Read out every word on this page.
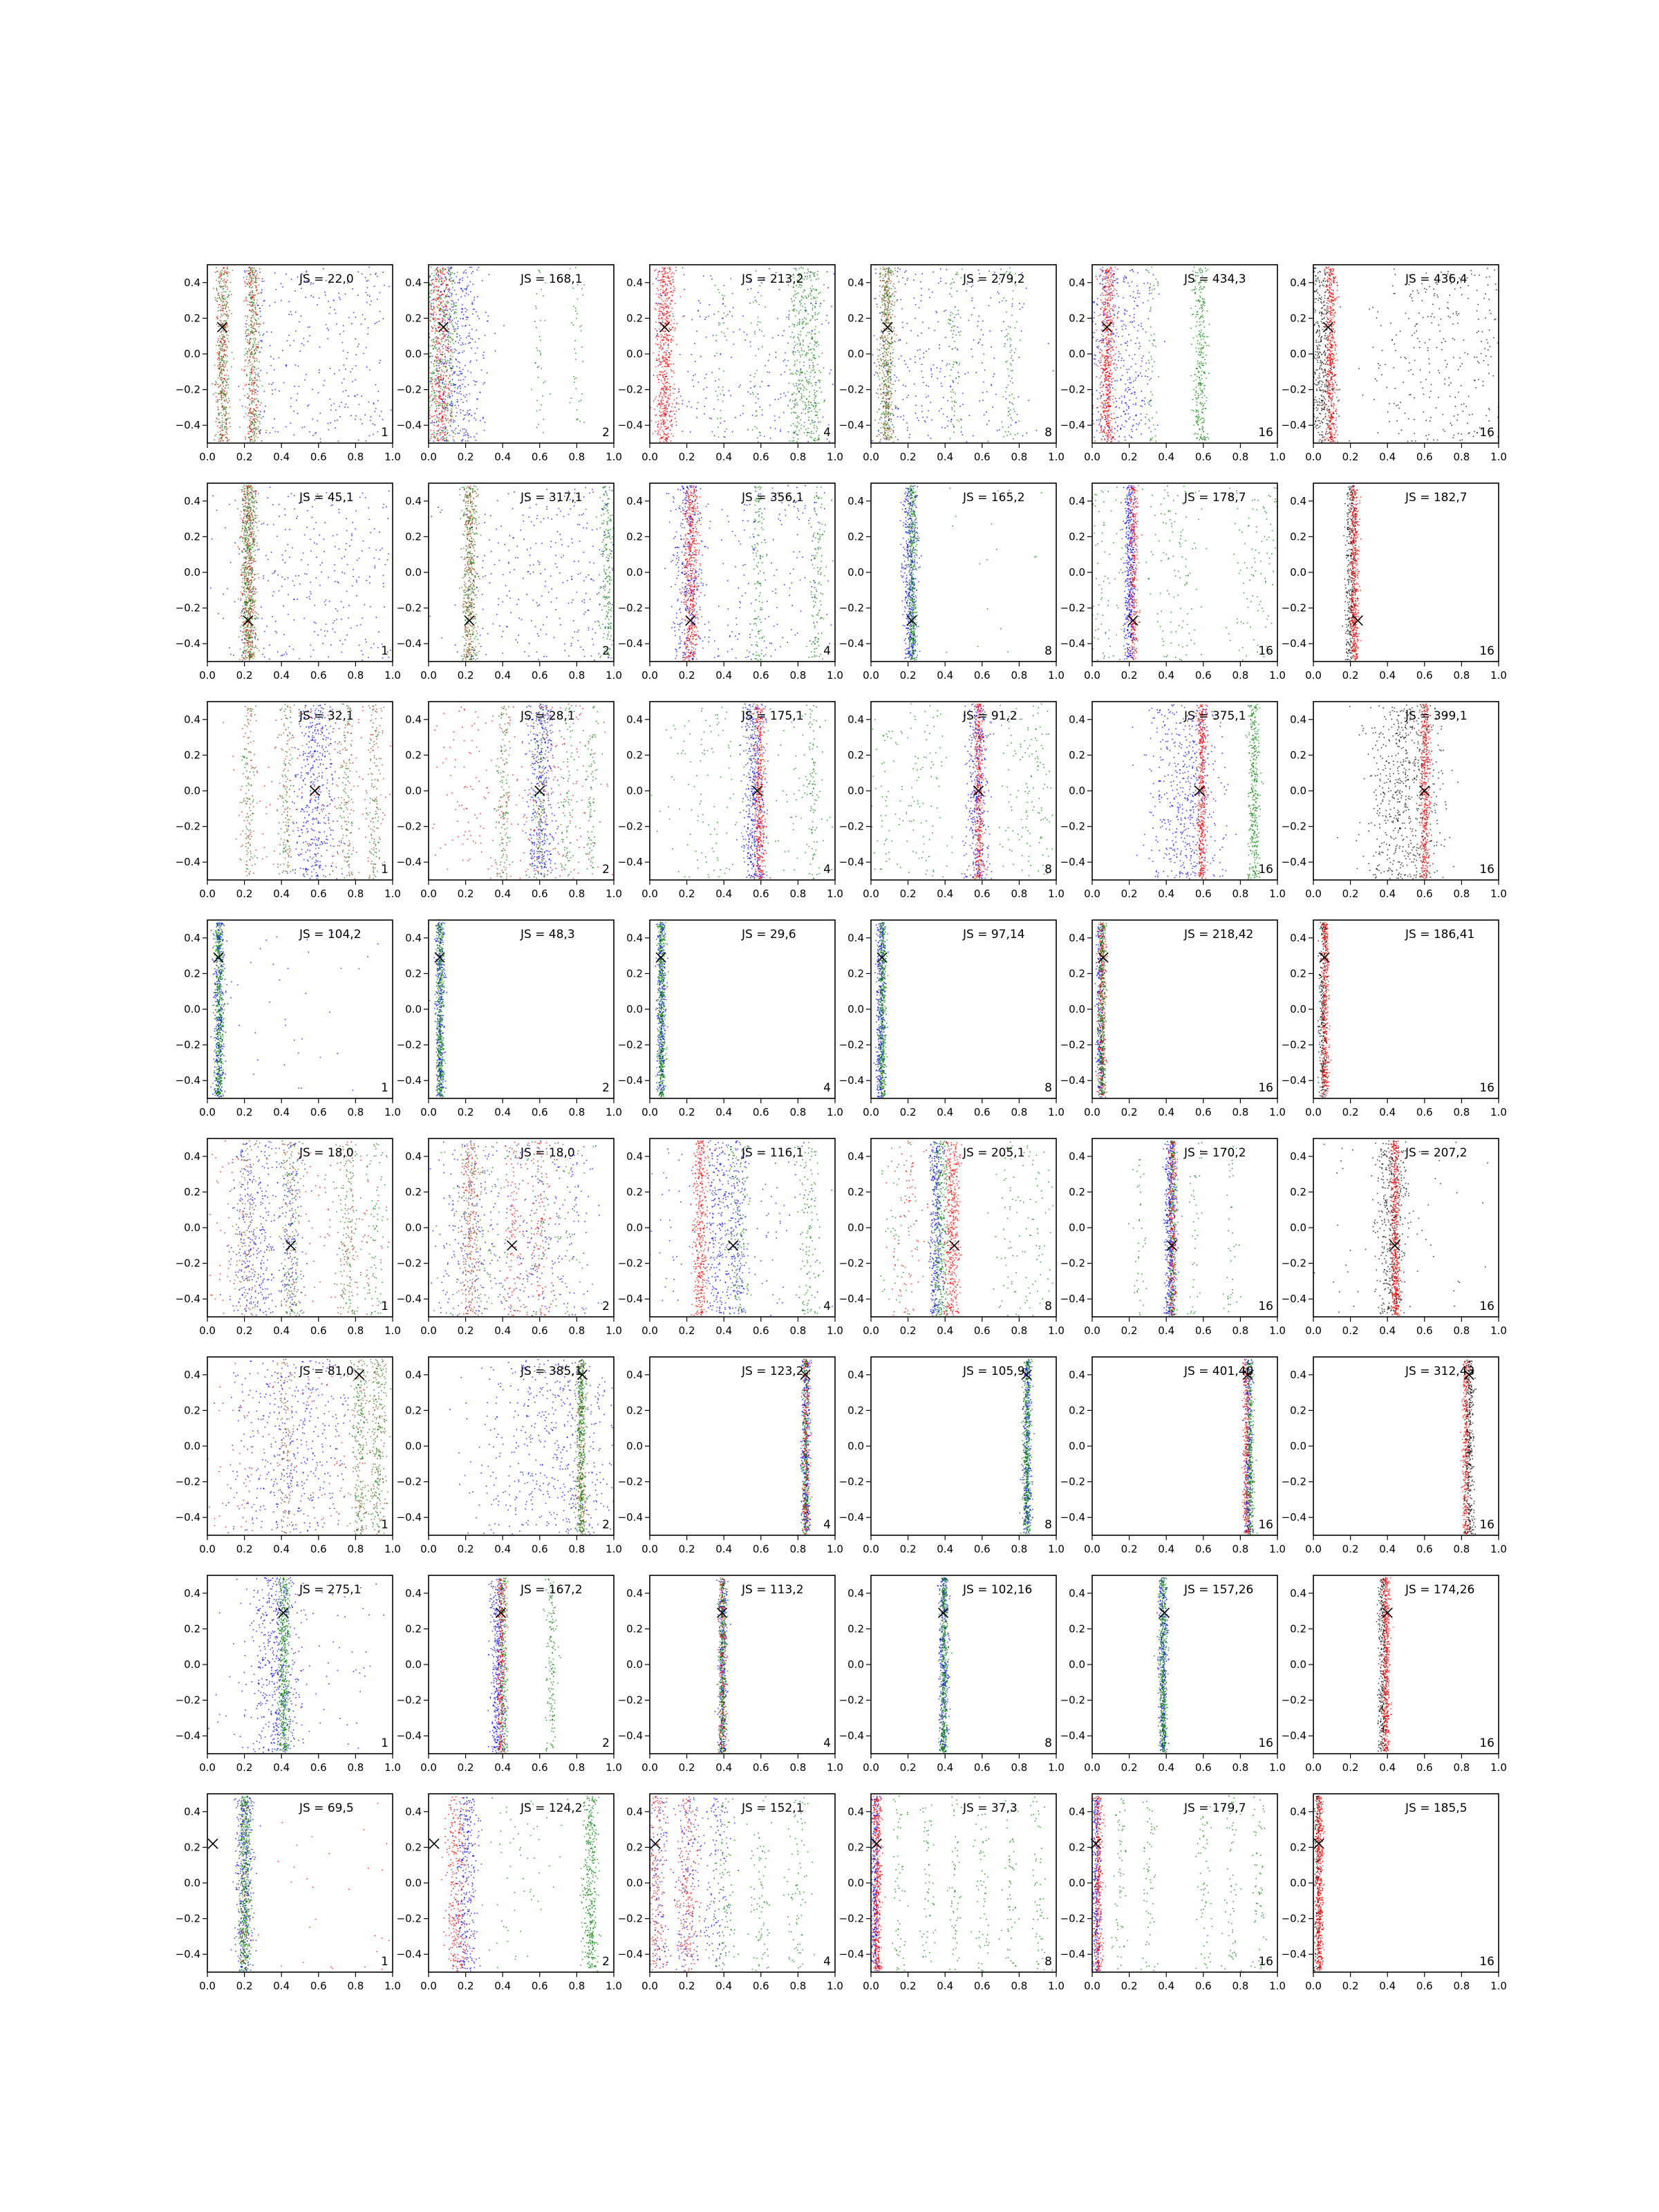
0.0 0.2 0.4 0.6 0.8 1.0
0.4
0.2
0.0
−0.2
−0.4
JS = 22,0
1
0.0 0.2 0.4 0.6 0.8 1.0
0.4
0.2
0.0
−0.2
−0.4
JS = 168,1
2
0.0 0.2 0.4 0.6 0.8 1.0
0.4
0.2
0.0
−0.2
−0.4
JS = 213,2
4
0.0 0.2 0.4 0.6 0.8 1.0
0.4
0.2
0.0
−0.2
−0.4
JS = 279,2
8
0.0 0.2 0.4 0.6 0.8 1.0
0.4
0.2
0.0
−0.2
−0.4
JS = 434,3
16
0.0 0.2 0.4 0.6 0.8 1.0
0.4
0.2
0.0
−0.2
−0.4
JS = 436,4
16
0.0 0.2 0.4 0.6 0.8 1.0
0.4
0.2
0.0
−0.2
−0.4
JS = 45,1
1
0.0 0.2 0.4 0.6 0.8 1.0
0.4
0.2
0.0
−0.2
−0.4
JS = 317,1
2
0.0 0.2 0.4 0.6 0.8 1.0
0.4
0.2
0.0
−0.2
−0.4
JS = 356,1
4
0.0 0.2 0.4 0.6 0.8 1.0
0.4
0.2
0.0
−0.2
−0.4
JS = 165,2
8
0.0 0.2 0.4 0.6 0.8 1.0
0.4
0.2
0.0
−0.2
−0.4
JS = 178,7
16
0.0 0.2 0.4 0.6 0.8 1.0
0.4
0.2
0.0
−0.2
−0.4
JS = 182,7
16
0.0 0.2 0.4 0.6 0.8 1.0
0.4
0.2
0.0
−0.2
−0.4
JS = 32,1
1
0.0 0.2 0.4 0.6 0.8 1.0
0.4
0.2
0.0
−0.2
−0.4
JS = 28,1
2
0.0 0.2 0.4 0.6 0.8 1.0
0.4
0.2
0.0
−0.2
−0.4
JS = 175,1
4
0.0 0.2 0.4 0.6 0.8 1.0
0.4
0.2
0.0
−0.2
−0.4
JS = 91,2
8
0.0 0.2 0.4 0.6 0.8 1.0
0.4
0.2
0.0
−0.2
−0.4
JS = 375,1
16
0.0 0.2 0.4 0.6 0.8 1.0
0.4
0.2
0.0
−0.2
−0.4
JS = 399,1
16
0.0 0.2 0.4 0.6 0.8 1.0
0.4
0.2
0.0
−0.2
−0.4
JS = 104,2
1
0.0 0.2 0.4 0.6 0.8 1.0
0.4
0.2
0.0
−0.2
−0.4
JS = 48,3
2
0.0 0.2 0.4 0.6 0.8 1.0
0.4
0.2
0.0
−0.2
−0.4
JS = 29,6
4
0.0 0.2 0.4 0.6 0.8 1.0
0.4
0.2
0.0
−0.2
−0.4
JS = 97,14
8
0.0 0.2 0.4 0.6 0.8 1.0
0.4
0.2
0.0
−0.2
−0.4
JS = 218,42
16
0.0 0.2 0.4 0.6 0.8 1.0
0.4
0.2
0.0
−0.2
−0.4
JS = 186,41
16
0.0 0.2 0.4 0.6 0.8 1.0
0.4
0.2
0.0
−0.2
−0.4
JS = 18,0
1
0.0 0.2 0.4 0.6 0.8 1.0
0.4
0.2
0.0
−0.2
−0.4
JS = 18,0
2
0.0 0.2 0.4 0.6 0.8 1.0
0.4
0.2
0.0
−0.2
−0.4
JS = 116,1
4
0.0 0.2 0.4 0.6 0.8 1.0
0.4
0.2
0.0
−0.2
−0.4
JS = 205,1
8
0.0 0.2 0.4 0.6 0.8 1.0
0.4
0.2
0.0
−0.2
−0.4
JS = 170,2
16
0.0 0.2 0.4 0.6 0.8 1.0
0.4
0.2
0.0
−0.2
−0.4
JS = 207,2
16
0.0 0.2 0.4 0.6 0.8 1.0
0.4
0.2
0.0
−0.2
−0.4
JS = 81,0
1
0.0 0.2 0.4 0.6 0.8 1.0
0.4
0.2
0.0
−0.2
−0.4
JS = 385,1
2
0.0 0.2 0.4 0.6 0.8 1.0
0.4
0.2
0.0
−0.2
−0.4
JS = 123,2
4
0.0 0.2 0.4 0.6 0.8 1.0
0.4
0.2
0.0
−0.2
−0.4
JS = 105,9
8
0.0 0.2 0.4 0.6 0.8 1.0
0.4
0.2
0.0
−0.2
−0.4
JS = 401,40
16
0.0 0.2 0.4 0.6 0.8 1.0
0.4
0.2
0.0
−0.2
−0.4
JS = 312,43
16
0.0 0.2 0.4 0.6 0.8 1.0
0.4
0.2
0.0
−0.2
−0.4
JS = 275,1
1
0.0 0.2 0.4 0.6 0.8 1.0
0.4
0.2
0.0
−0.2
−0.4
JS = 167,2
2
0.0 0.2 0.4 0.6 0.8 1.0
0.4
0.2
0.0
−0.2
−0.4
JS = 113,2
4
0.0 0.2 0.4 0.6 0.8 1.0
0.4
0.2
0.0
−0.2
−0.4
JS = 102,16
8
0.0 0.2 0.4 0.6 0.8 1.0
0.4
0.2
0.0
−0.2
−0.4
JS = 157,26
16
0.0 0.2 0.4 0.6 0.8 1.0
0.4
0.2
0.0
−0.2
−0.4
JS = 174,26
16
0.0 0.2 0.4 0.6 0.8 1.0
0.4
0.2
0.0
−0.2
−0.4
JS = 69,5
1
0.0 0.2 0.4 0.6 0.8 1.0
0.4
0.2
0.0
−0.2
−0.4
JS = 124,2
2
0.0 0.2 0.4 0.6 0.8 1.0
0.4
0.2
0.0
−0.2
−0.4
JS = 152,1
4
0.0 0.2 0.4 0.6 0.8 1.0
0.4
0.2
0.0
−0.2
−0.4
JS = 37,3
8
0.0 0.2 0.4 0.6 0.8 1.0
0.4
0.2
0.0
−0.2
−0.4
JS = 179,7
16
0.0 0.2 0.4 0.6 0.8 1.0
0.4
0.2
0.0
−0.2
−0.4
JS = 185,5
16
